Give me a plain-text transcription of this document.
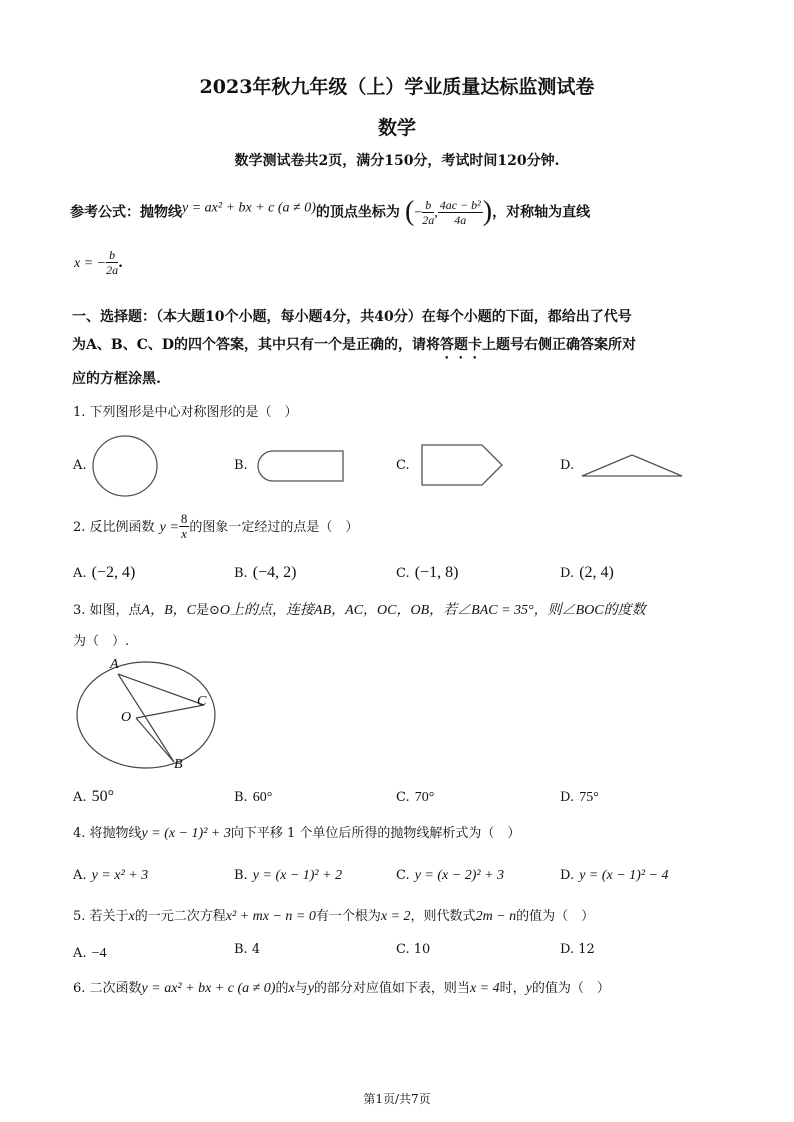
2023年秋九年级（上）学业质量达标监测试卷
数学
数学测试卷共2页，满分150分，考试时间120分钟.
参考公式：抛物线y = ax² + bx + c (a ≠ 0)的顶点坐标为 (− $\frac{b}{2a}$ , $\frac{\text{4ac − b²}}{4a}$ )，对称轴为直线
x = − $\frac{b}{2a}$ .
一、选择题：（本大题10个小题，每小题4分，共40分）在每个小题的下面，都给出了代号
为A、B、C、D的四个答案，其中只有一个是正确的，请将答题卡上题号右侧正确答案所对
应的方框涂黑.
1. 下列图形是中心对称图形的是（　）
A.	B.	C.	D.
2. 反比例函数 $y = \frac{8}{x}$ 的图象一定经过的点是（　）
A. (−2, 4)	B. (−4, 2)	C. (−1, 8)	D. (2, 4)
3. 如图，点A，B，C是⊙O上的点，连接AB，AC，OC，OB，若∠BAC = 35°，则∠BOC的度数
为（　）.
A
C
O
B
A. 50°	B. 60°	C. 70°	D. 75°
4. 将抛物线y = (x − 1)² + 3向下平移 1 个单位后所得的抛物线解析式为（　）
A. y = x² + 3	B. y = (x − 1)² + 2	C. y = (x − 2)² + 3	D. y = (x − 1)² − 4
5. 若关于x的一元二次方程x² + mx − n = 0有一个根为x = 2，则代数式2m − n的值为（　）
A. −4	B. 4	C. 10	D. 12
6. 二次函数y = ax² + bx + c (a ≠ 0)的x与y的部分对应值如下表，则当x = 4时，y的值为（　）
第1页/共7页
